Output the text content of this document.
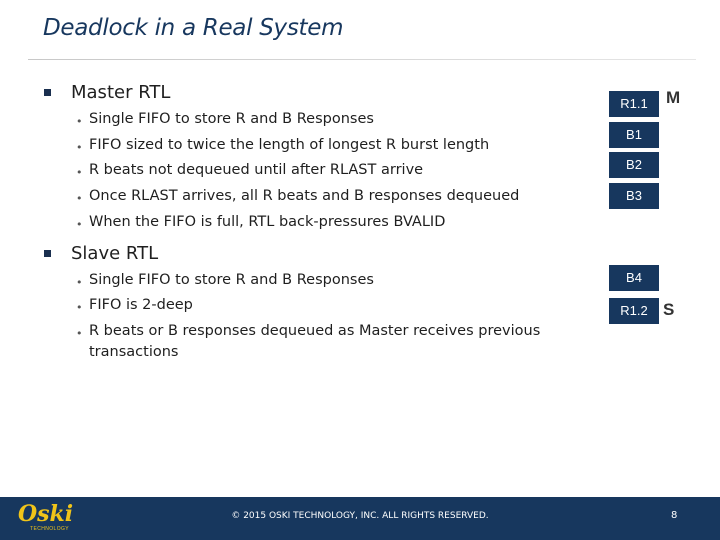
Deadlock in a Real System
Master RTL
• Single FIFO to store R and B Responses
• FIFO sized to twice the length of longest R burst length
• R beats not dequeued until after RLAST arrive
• Once RLAST arrives, all R beats and B responses dequeued
• When the FIFO is full, RTL back-pressures BVALID
Slave RTL
• Single FIFO to store R and B Responses
• FIFO is 2-deep
• R beats or B responses dequeued as Master receives previous
transactions
R1.1	M
B1
B2
B3
B4
R1.2 S
Oski
TECHNOLOGY
© 2015 OSKI TECHNOLOGY, INC. ALL RIGHTS RESERVED.	8
